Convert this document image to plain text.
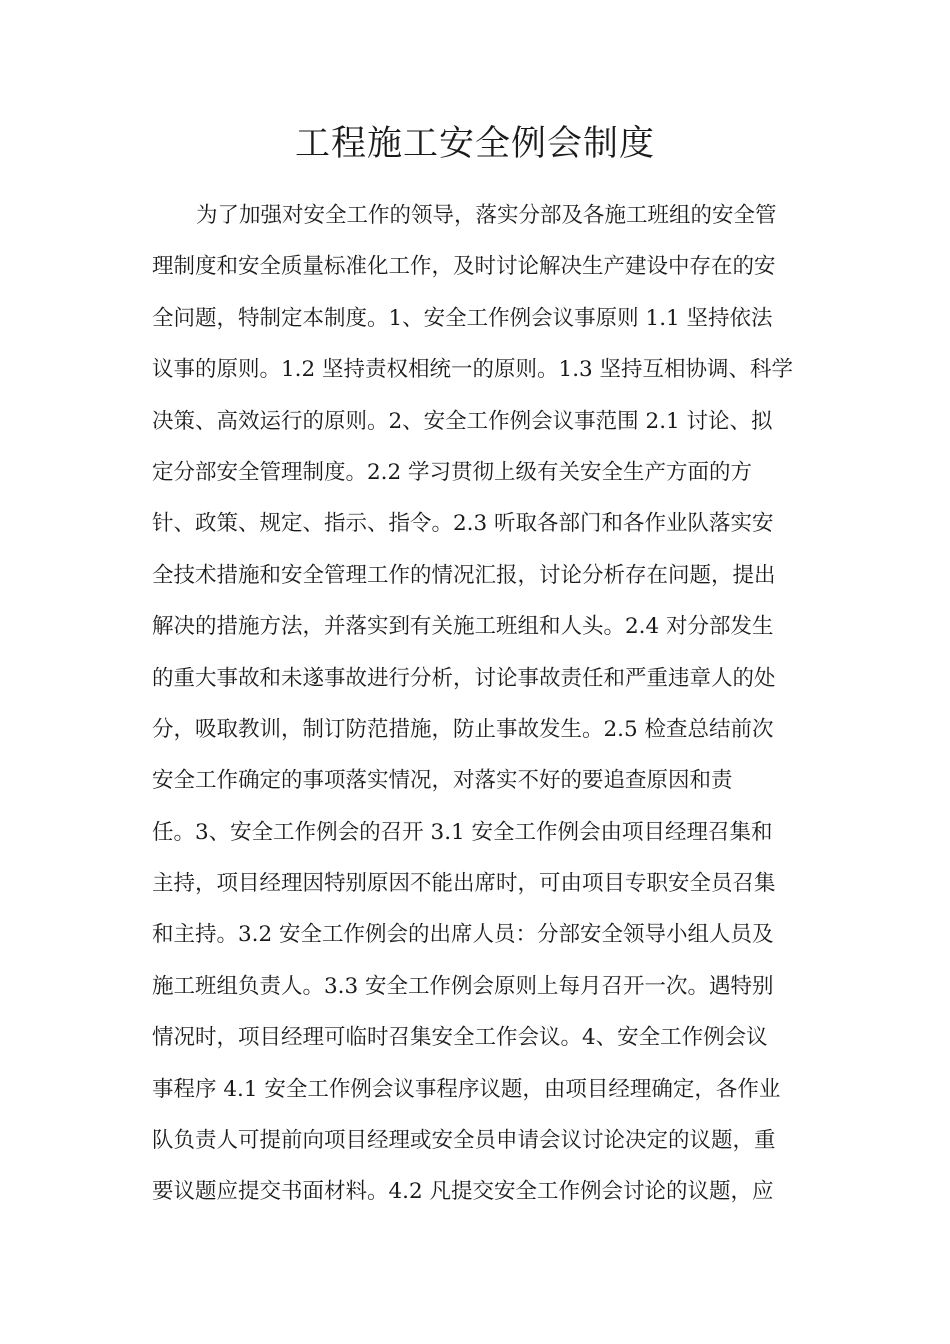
工程施工安全例会制度
为了加强对安全工作的领导，落实分部及各施工班组的安全管
理制度和安全质量标准化工作，及时讨论解决生产建设中存在的安
全问题，特制定本制度。1、安全工作例会议事原则 1.1 坚持依法
议事的原则。1.2 坚持责权相统一的原则。1.3 坚持互相协调、科学
决策、高效运行的原则。2、安全工作例会议事范围 2.1 讨论、拟
定分部安全管理制度。2.2 学习贯彻上级有关安全生产方面的方
针、政策、规定、指示、指令。2.3 听取各部门和各作业队落实安
全技术措施和安全管理工作的情况汇报，讨论分析存在问题，提出
解决的措施方法，并落实到有关施工班组和人头。2.4 对分部发生
的重大事故和未遂事故进行分析，讨论事故责任和严重违章人的处
分，吸取教训，制订防范措施，防止事故发生。2.5 检查总结前次
安全工作确定的事项落实情况，对落实不好的要追查原因和责
任。3、安全工作例会的召开 3.1 安全工作例会由项目经理召集和
主持，项目经理因特别原因不能出席时，可由项目专职安全员召集
和主持。3.2 安全工作例会的出席人员：分部安全领导小组人员及
施工班组负责人。3.3 安全工作例会原则上每月召开一次。遇特别
情况时，项目经理可临时召集安全工作会议。4、安全工作例会议
事程序 4.1 安全工作例会议事程序议题，由项目经理确定，各作业
队负责人可提前向项目经理或安全员申请会议讨论决定的议题，重
要议题应提交书面材料。4.2 凡提交安全工作例会讨论的议题，应
